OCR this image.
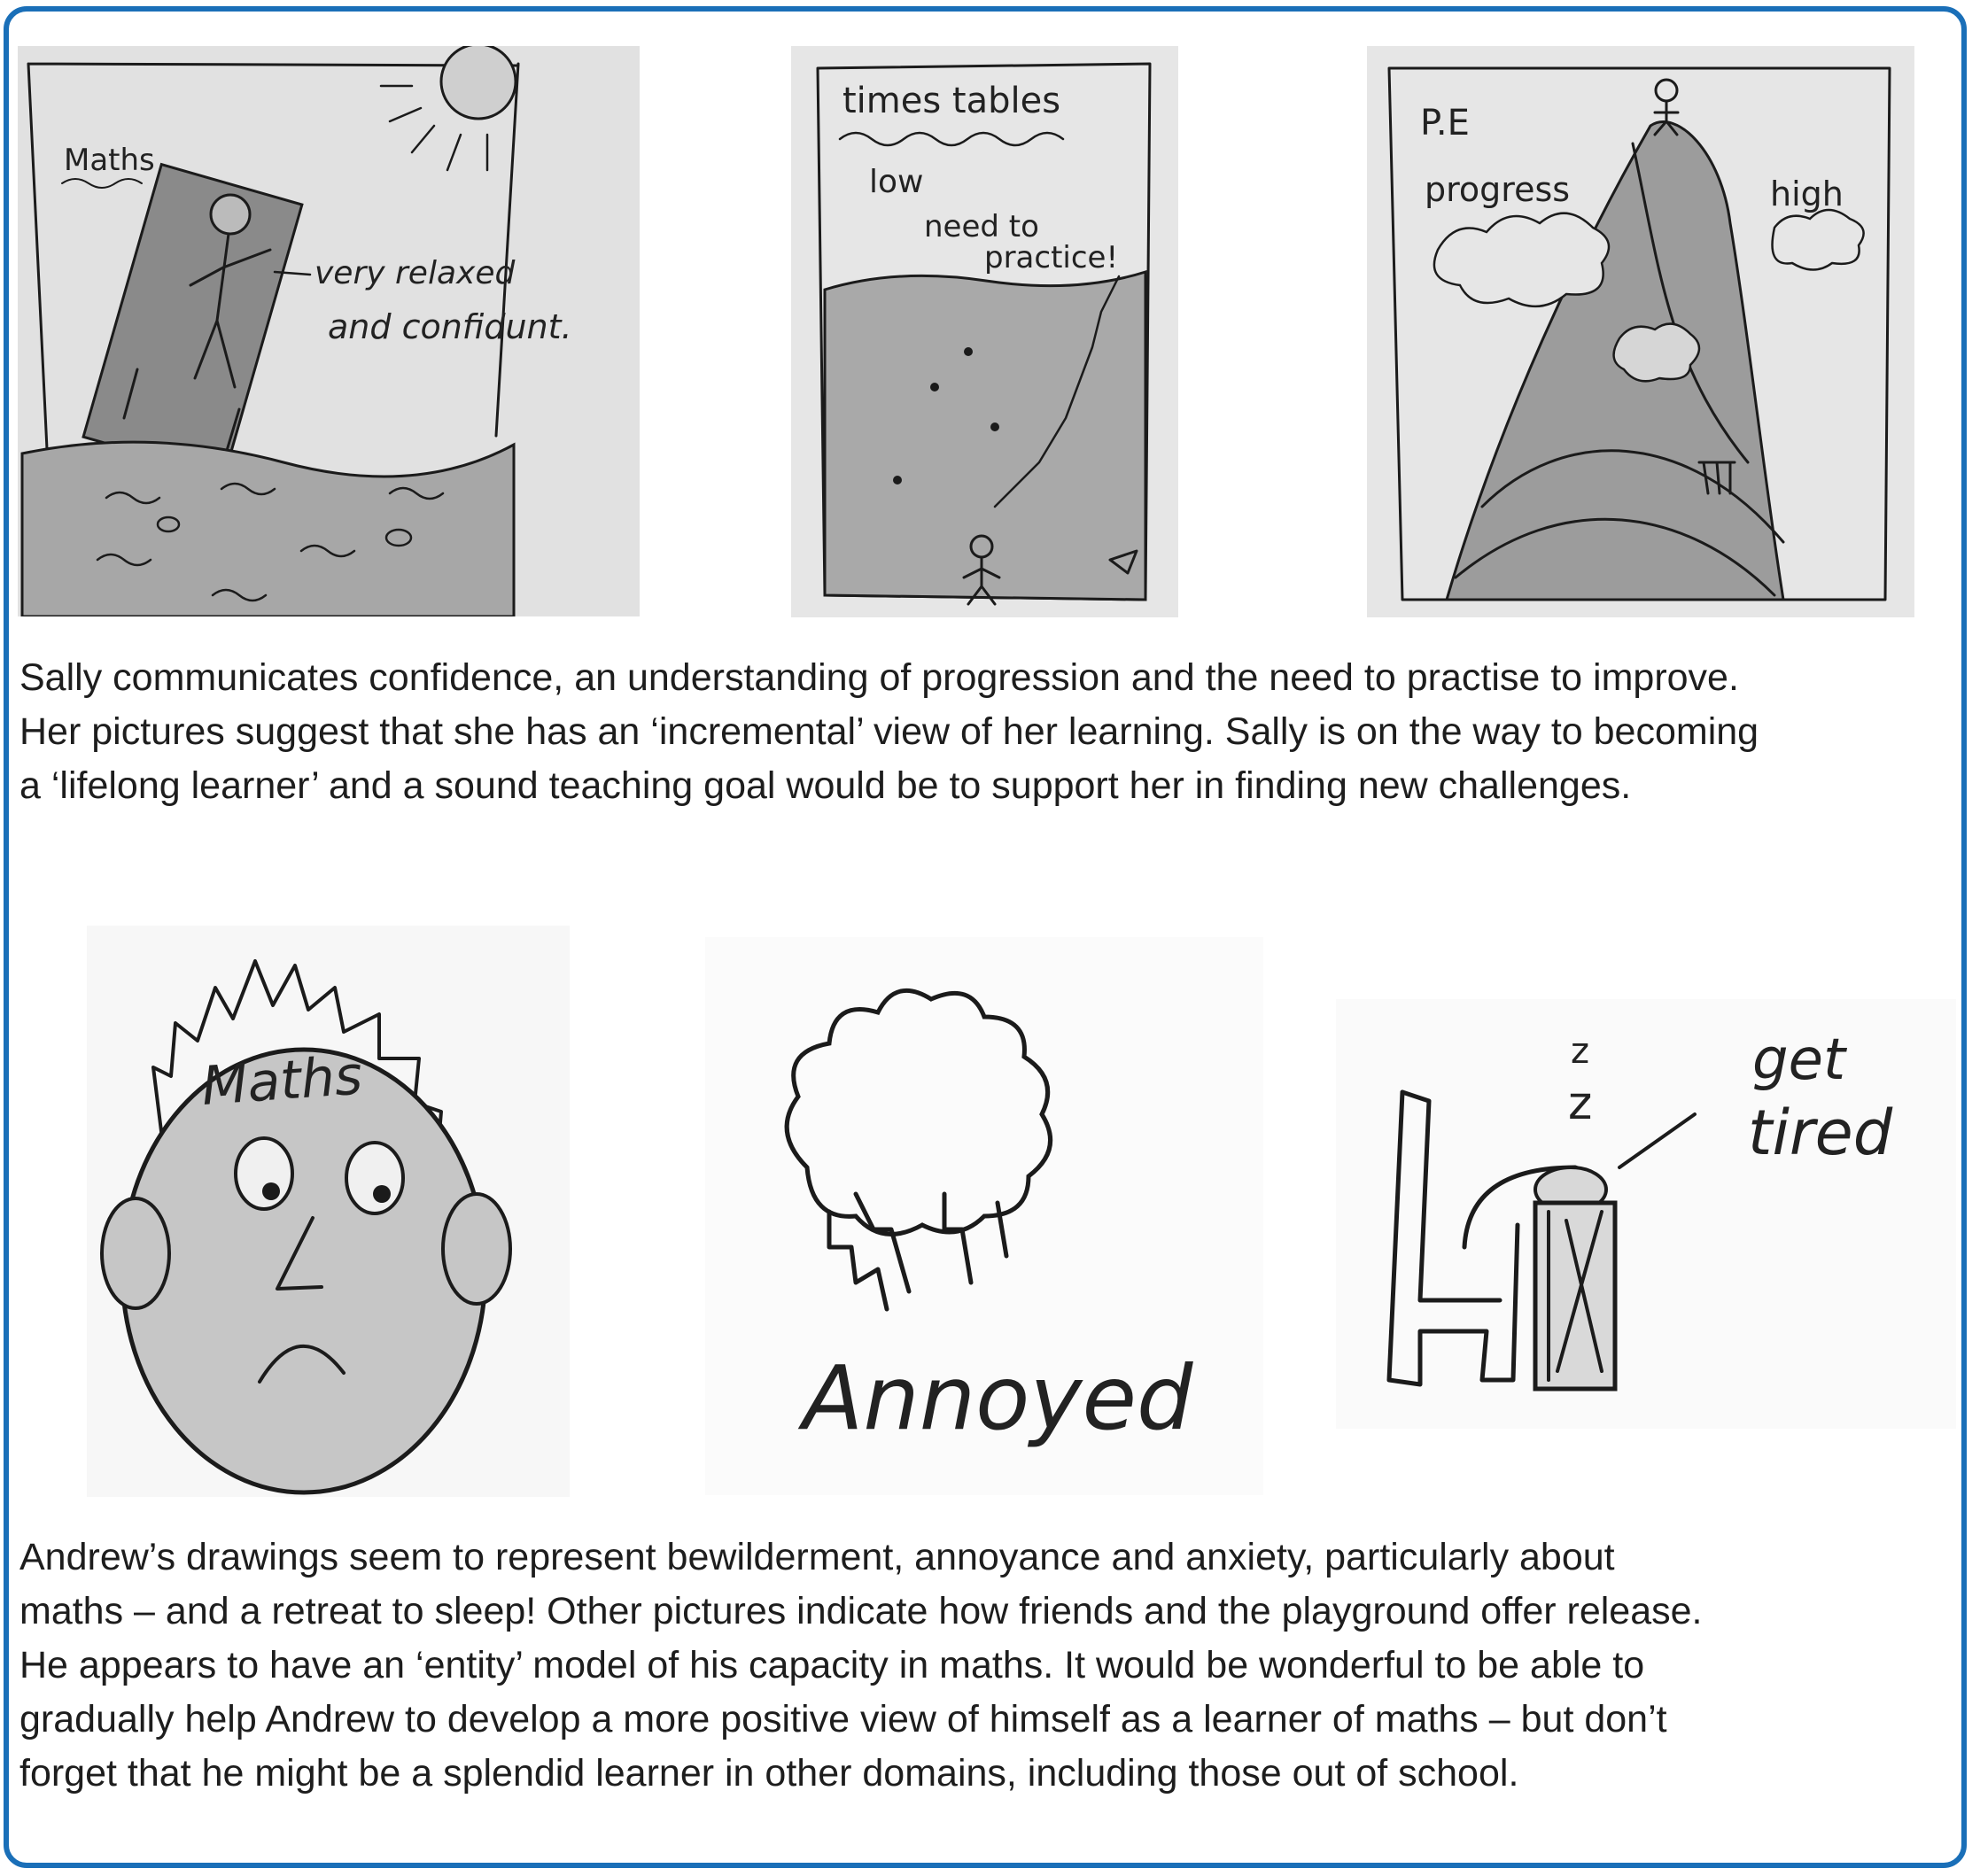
Maths
very relaxed
and confidunt.
times tables
low
need to
practice!
P.E
progress	high

Sally communicates confidence, an understanding of progression and the need to practise to improve.
Her pictures suggest that she has an ‘incremental’ view of her learning. Sally is on the way to becoming
a ‘lifelong learner’ and a sound teaching goal would be to support her in finding new challenges.

Maths
Annoyed
z
z
get
tired

Andrew’s drawings seem to represent bewilderment, annoyance and anxiety, particularly about
maths – and a retreat to sleep! Other pictures indicate how friends and the playground offer release.
He appears to have an ‘entity’ model of his capacity in maths. It would be wonderful to be able to
gradually help Andrew to develop a more positive view of himself as a learner of maths – but don’t
forget that he might be a splendid learner in other domains, including those out of school.
